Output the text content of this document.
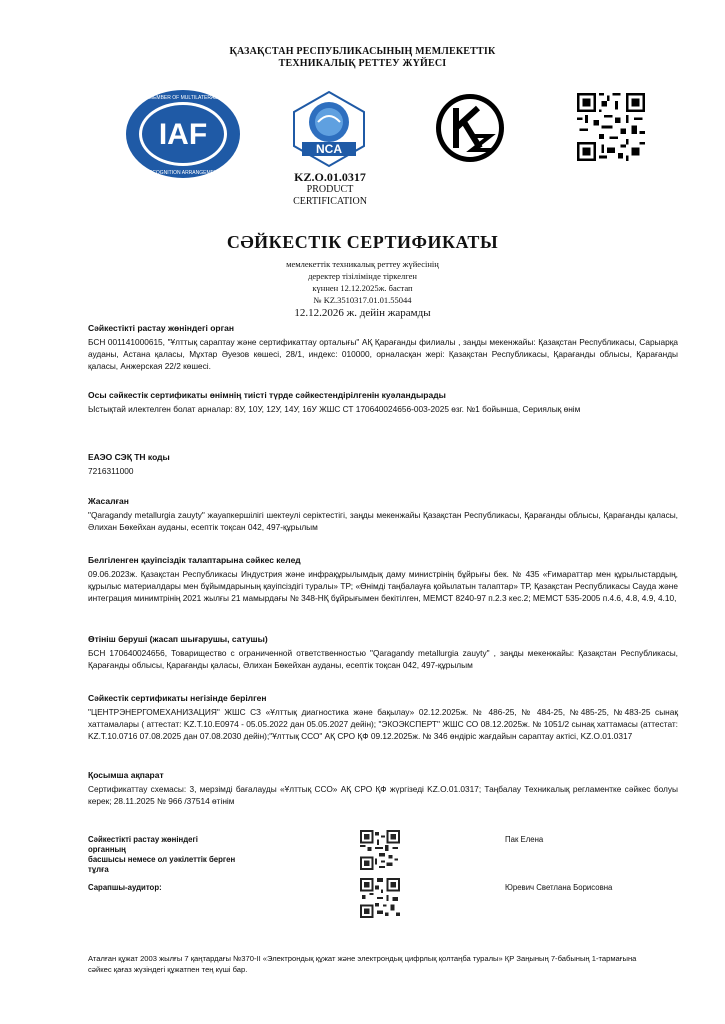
ҚАЗАҚСТАН РЕСПУБЛИКАСЫНЫҢ МЕМЛЕКЕТТІК
ТЕХНИКАЛЫҚ РЕТТЕУ ЖҮЙЕСІ
IAF
MEMBER OF MULTILATERAL
RECOGNITION ARRANGEMENT
NCA
KZ.O.01.0317
PRODUCT
CERTIFICATION
СӘЙКЕСТІК СЕРТИФИКАТЫ
мемлекеттік техникалық реттеу жүйесінің
деректер тізілімінде тіркелген
күннен 12.12.2025ж. бастап
№ KZ.3510317.01.01.55044
12.12.2026 ж. дейін жарамды

Сәйкестікті растау жөніндегі орган

БСН 001141000615, "Ұлттық сараптау және сертификаттау орталығы" АҚ Қарағанды филиалы , заңды мекенжайы: Қазақстан Республикасы, Сарыарқа ауданы, Астана қаласы, Мұхтар Әуезов көшесі, 28/1, индекс: 010000, орналасқан жері: Қазақстан Республикасы, Қарағанды облысы, Қарағанды қаласы, Анжерская 22/2 көшесі.

Осы сәйкестік сертификаты өнімнің тиісті түрде сәйкестендірілгенін куәландырады

Ыстықтай илектелген болат арналар: 8У, 10У, 12У, 14У, 16У ЖШС СТ 170640024656-003-2025 өзг. №1 бойынша, Сериялық өнім

ЕАЭО СЭҚ ТН коды

7216311000

Жасалған

"Qaragandy metallurgia zauyty" жауапкершілігі шектеулі серіктестігі, заңды мекенжайы Қазақстан Республикасы, Қарағанды облысы, Қарағанды қаласы, Әлихан Бөкейхан ауданы, есептік тоқсан 042, 497-құрылым

Белгіленген қауіпсіздік талаптарына сәйкес келед

09.06.2023ж. Қазақстан Республикасы Индустрия және инфрақұрылымдық даму министрінің бұйрығы бек. № 435 «Ғимараттар мен құрылыстардың, құрылыс материалдары мен бұйымдарының қауіпсіздігі туралы» ТР; «Өнімді таңбалауға қойылатын талаптар» ТР, Қазақстан Республикасы Сауда және интеграция минимтрінің 2021 жылғы 21 мамырдағы № 348-НҚ бұйрығымен бекітілген, МЕМСТ 8240-97 п.2.3 кес.2; МЕМСТ 535-2005 п.4.6, 4.8, 4.9, 4.10,

Өтініш беруші (жасап шығарушы, сатушы)

БСН 170640024656, Товарищество с ограниченной ответственностью "Qaragandy metallurgia zauyty" , заңды мекенжайы: Қазақстан Республикасы, Қарағанды облысы, Қарағанды қаласы, Әлихан Бөкейхан ауданы, есептік тоқсан 042, 497-құрылым

Сәйкестік сертификаты негізінде берілген

"ЦЕНТРЭНЕРГОМЕХАНИЗАЦИЯ" ЖШС СЗ «Ұлттық диагностика және бақылау» 02.12.2025ж. № 486-25, № 484-25, №485-25, №483-25 сынақ хаттамалары ( аттестат: KZ.T.10.E0974 - 05.05.2022 дан 05.05.2027 дейін); "ЭКОЭКСПЕРТ" ЖШС СО 08.12.2025ж. № 1051/2 сынақ хаттамасы (аттестат: KZ.T.10.0716 07.08.2025 дан 07.08.2030 дейін);"Ұлттық ССО" АҚ СРО ҚФ 09.12.2025ж. № 346 өндіріс жағдайын сараптау актісі, KZ.O.01.0317

Қосымша ақпарат

Сертификаттау схемасы: 3, мерзімді бағалауды «Ұлттық ССО» АҚ СРО ҚФ жүргізеді KZ.O.01.0317; Таңбалау Техникалық регламентке сәйкес болуы керек; 28.11.2025 № 966 /37514 өтінім

Сәйкестікті растау жөніндегі
органның
басшысы немесе ол уәкілеттік берген
тұлға
Пак Елена
Сарапшы-аудитор:	Юревич Светлана Борисовна
Аталған құжат 2003 жылғы 7 қаңтардағы №370-II «Электрондық құжат және электрондық цифрлық қолтаңба туралы» ҚР Заңының 7-бабының 1-тармағына сәйкес қағаз жүзіндегі құжатпен тең күшi бар.
